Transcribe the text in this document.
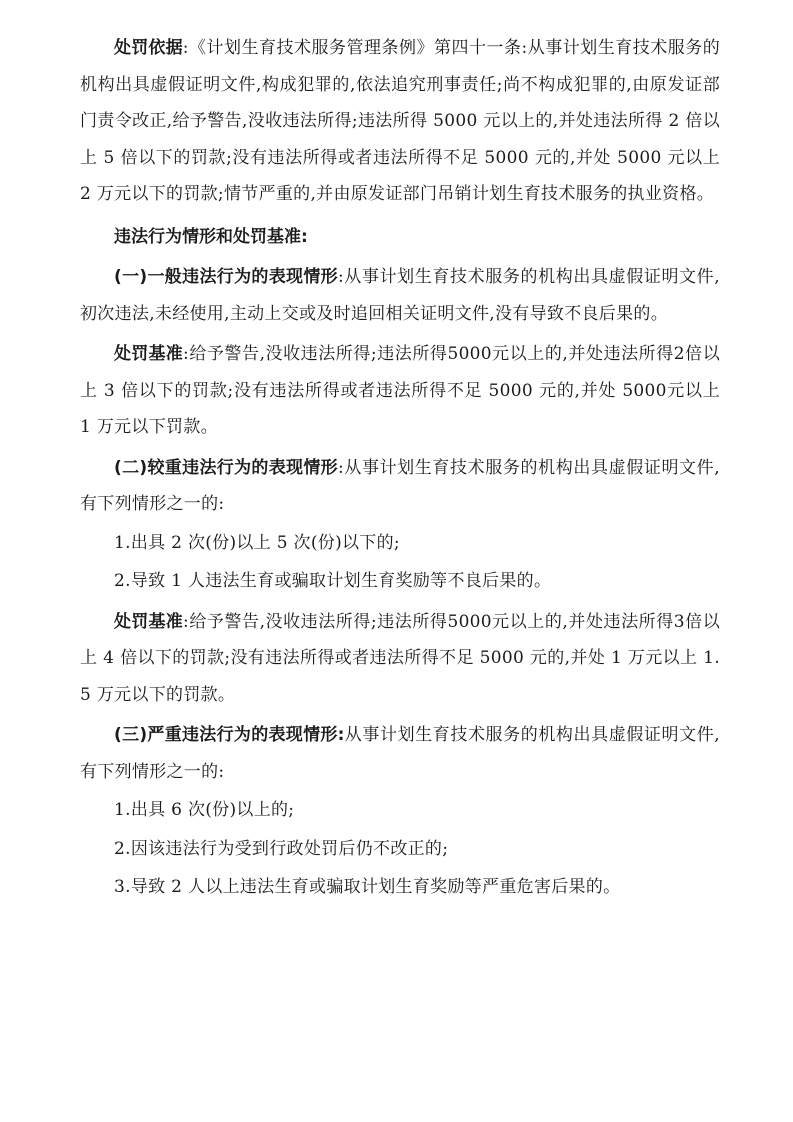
处罚依据:《计划生育技术服务管理条例》第四十一条:从事计划生育技术服务的机构出具虚假证明文件,构成犯罪的,依法追究刑事责任;尚不构成犯罪的,由原发证部门责令改正,给予警告,没收违法所得;违法所得 5000 元以上的,并处违法所得 2 倍以上 5 倍以下的罚款;没有违法所得或者违法所得不足 5000 元的,并处 5000 元以上 2 万元以下的罚款;情节严重的,并由原发证部门吊销计划生育技术服务的执业资格。

违法行为情形和处罚基准:

(一)一般违法行为的表现情形:从事计划生育技术服务的机构出具虚假证明文件,初次违法,未经使用,主动上交或及时追回相关证明文件,没有导致不良后果的。

处罚基准:给予警告,没收违法所得;违法所得5000元以上的,并处违法所得2倍以上 3 倍以下的罚款;没有违法所得或者违法所得不足 5000 元的,并处 5000元以上 1 万元以下罚款。

(二)较重违法行为的表现情形:从事计划生育技术服务的机构出具虚假证明文件,有下列情形之一的:

1.出具 2 次(份)以上 5 次(份)以下的;

2.导致 1 人违法生育或骗取计划生育奖励等不良后果的。

处罚基准:给予警告,没收违法所得;违法所得5000元以上的,并处违法所得3倍以上 4 倍以下的罚款;没有违法所得或者违法所得不足 5000 元的,并处 1 万元以上 1.5 万元以下的罚款。

(三)严重违法行为的表现情形:从事计划生育技术服务的机构出具虚假证明文件,有下列情形之一的:

1.出具 6 次(份)以上的;

2.因该违法行为受到行政处罚后仍不改正的;

3.导致 2 人以上违法生育或骗取计划生育奖励等严重危害后果的。
